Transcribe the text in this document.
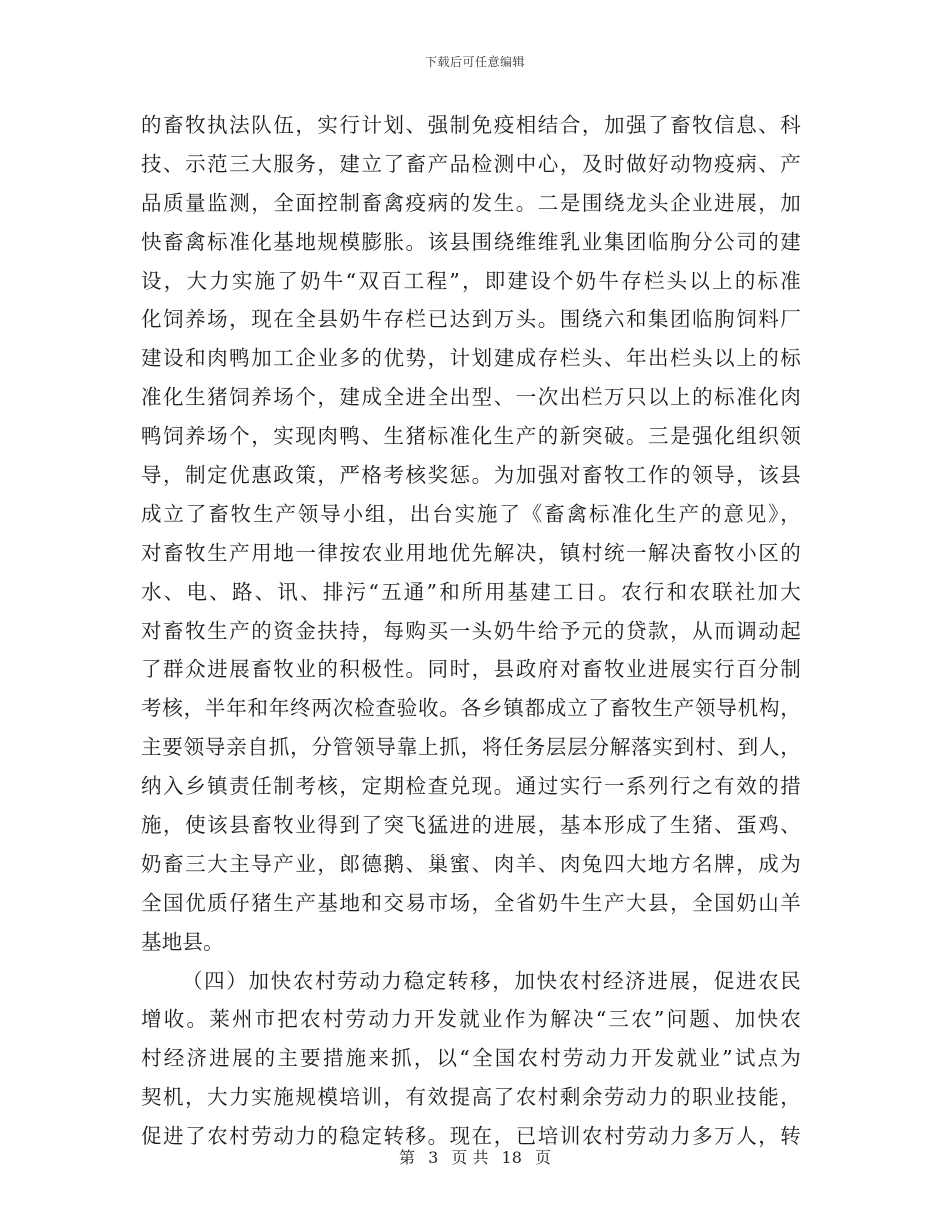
下载后可任意编辑
的畜牧执法队伍，实行计划、强制免疫相结合，加强了畜牧信息、科
技、示范三大服务，建立了畜产品检测中心，及时做好动物疫病、产
品质量监测，全面控制畜禽疫病的发生。二是围绕龙头企业进展，加
快畜禽标准化基地规模膨胀。该县围绕维维乳业集团临朐分公司的建
设，大力实施了奶牛“双百工程”，即建设个奶牛存栏头以上的标准
化饲养场，现在全县奶牛存栏已达到万头。围绕六和集团临朐饲料厂
建设和肉鸭加工企业多的优势，计划建成存栏头、年出栏头以上的标
准化生猪饲养场个，建成全进全出型、一次出栏万只以上的标准化肉
鸭饲养场个，实现肉鸭、生猪标准化生产的新突破。三是强化组织领
导，制定优惠政策，严格考核奖惩。为加强对畜牧工作的领导，该县
成立了畜牧生产领导小组，出台实施了《畜禽标准化生产的意见》，
对畜牧生产用地一律按农业用地优先解决，镇村统一解决畜牧小区的
水、电、路、讯、排污“五通”和所用基建工日。农行和农联社加大
对畜牧生产的资金扶持，每购买一头奶牛给予元的贷款，从而调动起
了群众进展畜牧业的积极性。同时，县政府对畜牧业进展实行百分制
考核，半年和年终两次检查验收。各乡镇都成立了畜牧生产领导机构，
主要领导亲自抓，分管领导靠上抓，将任务层层分解落实到村、到人，
纳入乡镇责任制考核，定期检查兑现。通过实行一系列行之有效的措
施，使该县畜牧业得到了突飞猛进的进展，基本形成了生猪、蛋鸡、
奶畜三大主导产业，郎德鹅、巢蜜、肉羊、肉兔四大地方名牌，成为
全国优质仔猪生产基地和交易市场，全省奶牛生产大县，全国奶山羊
基地县。
（四）加快农村劳动力稳定转移，加快农村经济进展，促进农民
增收。莱州市把农村劳动力开发就业作为解决“三农”问题、加快农
村经济进展的主要措施来抓，以“全国农村劳动力开发就业”试点为
契机，大力实施规模培训，有效提高了农村剩余劳动力的职业技能，
促进了农村劳动力的稳定转移。现在，已培训农村劳动力多万人，转
第 3 页 共 18 页
